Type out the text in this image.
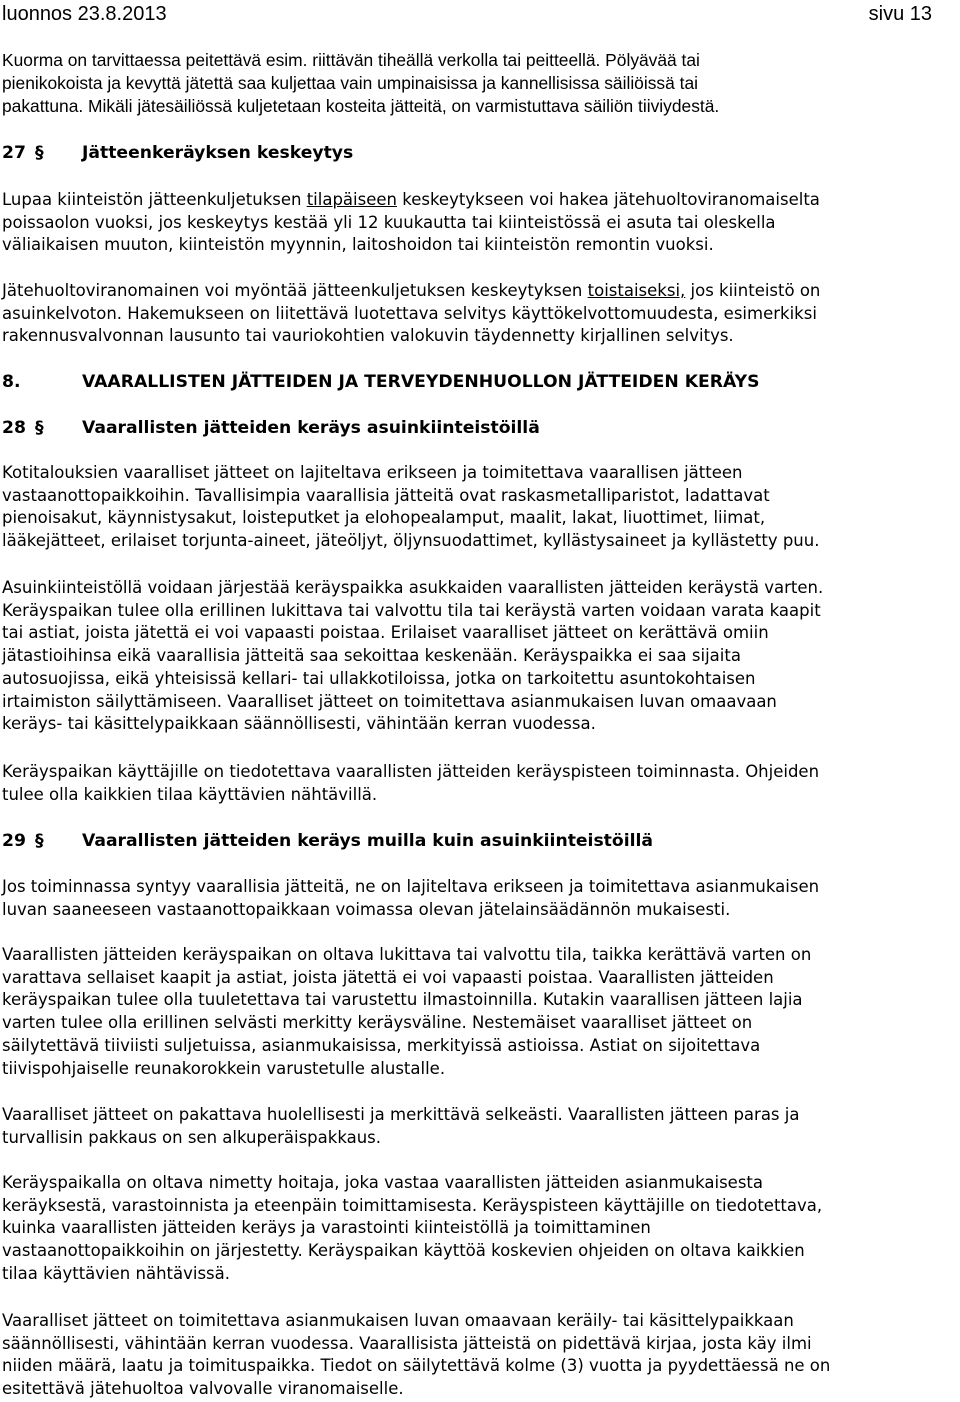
luonnos 23.8.2013	sivu 13
Kuorma on tarvittaessa peitettävä esim. riittävän tiheällä verkolla tai peitteellä. Pölyävää tai
pienikokoista ja kevyttä jätettä saa kuljettaa vain umpinaisissa ja kannellisissa säiliöissä tai
pakattuna. Mikäli jätesäiliössä kuljetetaan kosteita jätteitä, on varmistuttava säiliön tiiviydestä.
27 § Jätteenkeräyksen keskeytys
Lupaa kiinteistön jätteenkuljetuksen tilapäiseen keskeytykseen voi hakea jätehuoltoviranomaiselta
poissaolon vuoksi, jos keskeytys kestää yli 12 kuukautta tai kiinteistössä ei asuta tai oleskella
väliaikaisen muuton, kiinteistön myynnin, laitoshoidon tai kiinteistön remontin vuoksi.
Jätehuoltoviranomainen voi myöntää jätteenkuljetuksen keskeytyksen toistaiseksi, jos kiinteistö on
asuinkelvoton. Hakemukseen on liitettävä luotettava selvitys käyttökelvottomuudesta, esimerkiksi
rakennusvalvonnan lausunto tai vauriokohtien valokuvin täydennetty kirjallinen selvitys.
8.	VAARALLISTEN JÄTTEIDEN JA TERVEYDENHUOLLON JÄTTEIDEN KERÄYS
28 § Vaarallisten jätteiden keräys asuinkiinteistöillä
Kotitalouksien vaaralliset jätteet on lajiteltava erikseen ja toimitettava vaarallisen jätteen
vastaanottopaikkoihin. Tavallisimpia vaarallisia jätteitä ovat raskasmetalliparistot, ladattavat
pienoisakut, käynnistysakut, loisteputket ja elohopealamput, maalit, lakat, liuottimet, liimat,
lääkejätteet, erilaiset torjunta-aineet, jäteöljyt, öljynsuodattimet, kyllästysaineet ja kyllästetty puu.
Asuinkiinteistöllä voidaan järjestää keräyspaikka asukkaiden vaarallisten jätteiden keräystä varten.
Keräyspaikan tulee olla erillinen lukittava tai valvottu tila tai keräystä varten voidaan varata kaapit
tai astiat, joista jätettä ei voi vapaasti poistaa. Erilaiset vaaralliset jätteet on kerättävä omiin
jätastioihinsa eikä vaarallisia jätteitä saa sekoittaa keskenään. Keräyspaikka ei saa sijaita
autosuojissa, eikä yhteisissä kellari- tai ullakkotiloissa, jotka on tarkoitettu asuntokohtaisen
irtaimiston säilyttämiseen. Vaaralliset jätteet on toimitettava asianmukaisen luvan omaavaan
keräys- tai käsittelypaikkaan säännöllisesti, vähintään kerran vuodessa.
Keräyspaikan käyttäjille on tiedotettava vaarallisten jätteiden keräyspisteen toiminnasta. Ohjeiden
tulee olla kaikkien tilaa käyttävien nähtävillä.
29 § Vaarallisten jätteiden keräys muilla kuin asuinkiinteistöillä
Jos toiminnassa syntyy vaarallisia jätteitä, ne on lajiteltava erikseen ja toimitettava asianmukaisen
luvan saaneeseen vastaanottopaikkaan voimassa olevan jätelainsäädännön mukaisesti.
Vaarallisten jätteiden keräyspaikan on oltava lukittava tai valvottu tila, taikka kerättävä varten on
varattava sellaiset kaapit ja astiat, joista jätettä ei voi vapaasti poistaa. Vaarallisten jätteiden
keräyspaikan tulee olla tuuletettava tai varustettu ilmastoinnilla. Kutakin vaarallisen jätteen lajia
varten tulee olla erillinen selvästi merkitty keräysväline. Nestemäiset vaaralliset jätteet on
säilytettävä tiiviisti suljetuissa, asianmukaisissa, merkityissä astioissa. Astiat on sijoitettava
tiivispohjaiselle reunakorokkein varustetulle alustalle.
Vaaralliset jätteet on pakattava huolellisesti ja merkittävä selkeästi. Vaarallisten jätteen paras ja
turvallisin pakkaus on sen alkuperäispakkaus.
Keräyspaikalla on oltava nimetty hoitaja, joka vastaa vaarallisten jätteiden asianmukaisesta
keräyksestä, varastoinnista ja eteenpäin toimittamisesta. Keräyspisteen käyttäjille on tiedotettava,
kuinka vaarallisten jätteiden keräys ja varastointi kiinteistöllä ja toimittaminen
vastaanottopaikkoihin on järjestetty. Keräyspaikan käyttöä koskevien ohjeiden on oltava kaikkien
tilaa käyttävien nähtävissä.
Vaaralliset jätteet on toimitettava asianmukaisen luvan omaavaan keräily- tai käsittelypaikkaan
säännöllisesti, vähintään kerran vuodessa. Vaarallisista jätteistä on pidettävä kirjaa, josta käy ilmi
niiden määrä, laatu ja toimituspaikka. Tiedot on säilytettävä kolme (3) vuotta ja pyydettäessä ne on
esitettävä jätehuoltoa valvovalle viranomaiselle.
